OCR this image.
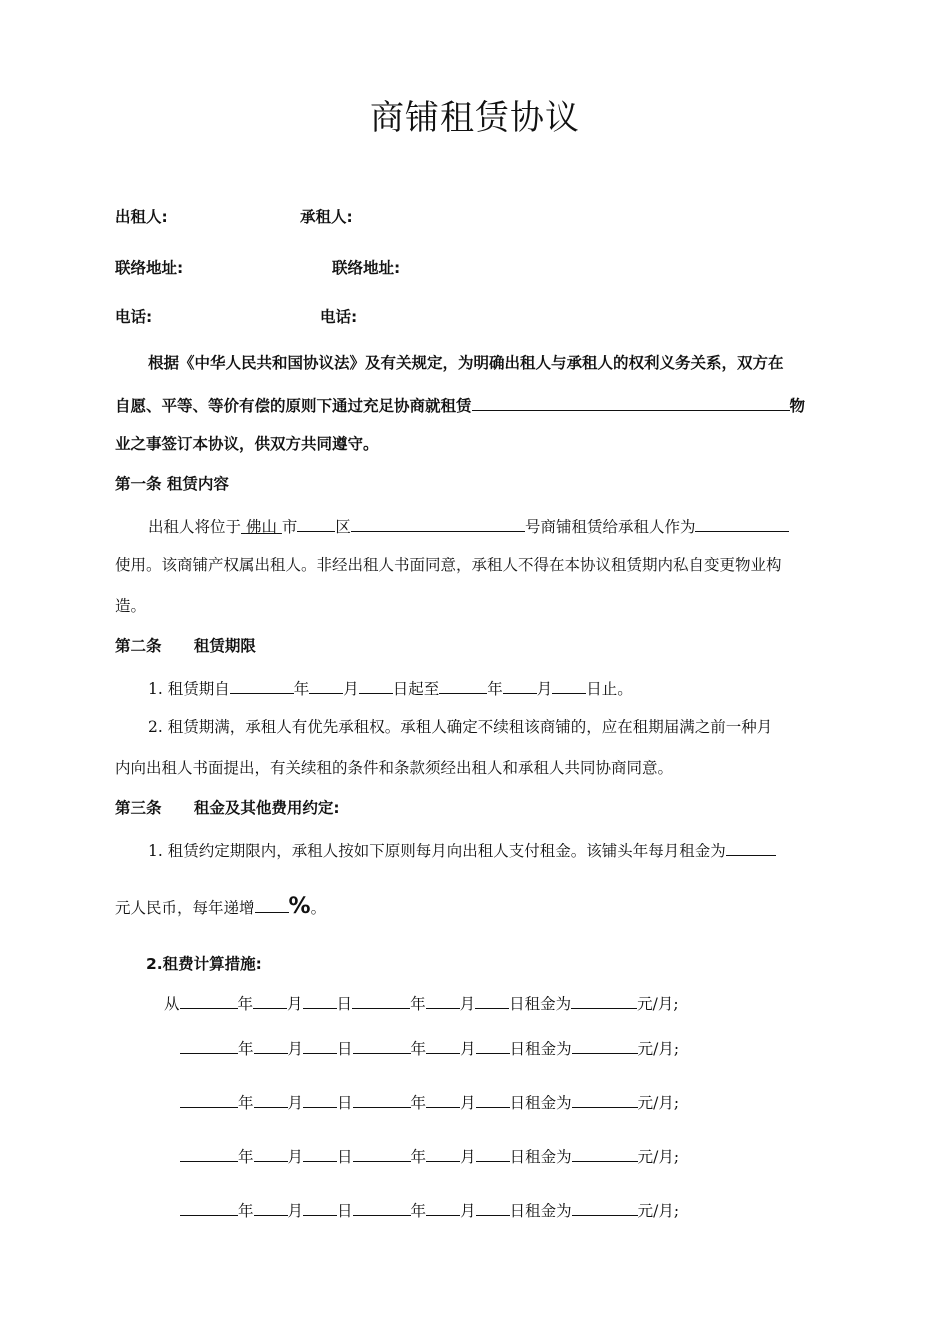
商铺租赁协议
出租人:	承租人:
联络地址:	联络地址:
电话:	电话:
根据《中华人民共和国协议法》及有关规定，为明确出租人与承租人的权利义务关系，双方在
自愿、平等、等价有偿的原则下通过充足协商就租赁	物
业之事签订本协议，供双方共同遵守。
第一条 租赁内容
出租人将位于 佛山 市 区	号商铺租赁给承租人作为
使用。该商铺产权属出租人。非经出租人书面同意，承租人不得在本协议租赁期内私自变更物业构
造。
第二条      租赁期限
1. 租赁期自	年 月 日起至	年 月 日止。
2. 租赁期满，承租人有优先承租权。承租人确定不续租该商铺的，应在租期届满之前一种月
内向出租人书面提出，有关续租的条件和条款须经出租人和承租人共同协商同意。
第三条      租金及其他费用约定:
1. 租赁约定期限内，承租人按如下原则每月向出租人支付租金。该铺头年每月租金为
元人民币，每年递增 %。
2.租费计算措施:
从	年 月 日	年 月 日租金为	元/月;
年 月 日	年 月 日租金为	元/月;
年 月 日	年 月 日租金为	元/月;
年 月 日	年 月 日租金为	元/月;
年 月 日	年 月 日租金为	元/月;
